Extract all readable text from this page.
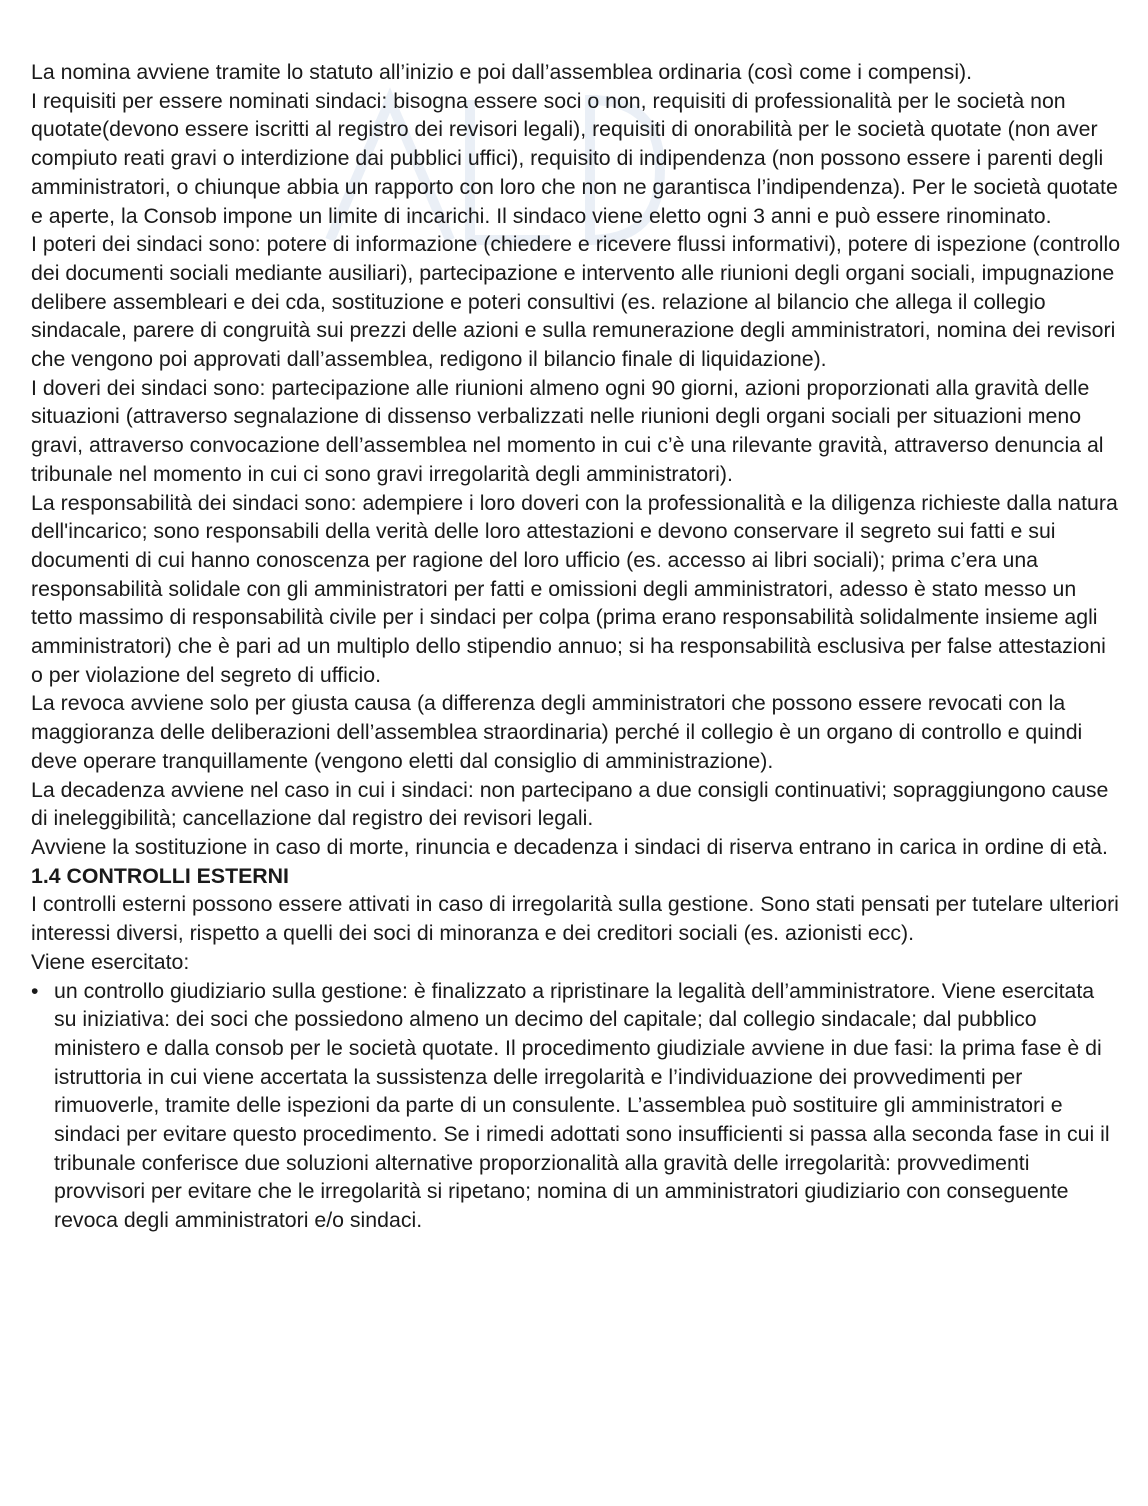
La nomina avviene tramite lo statuto all’inizio e poi dall’assemblea ordinaria (così come i compensi).

I requisiti per essere nominati sindaci: bisogna essere soci o non, requisiti di professionalità per le società non quotate(devono essere iscritti al registro dei revisori legali), requisiti di onorabilità per le società quotate (non aver compiuto reati gravi o interdizione dai pubblici uffici), requisito di indipendenza (non possono essere i parenti degli amministratori, o chiunque abbia un rapporto con loro che non ne garantisca l’indipendenza). Per le società quotate e aperte, la Consob impone un limite di incarichi. Il sindaco viene eletto ogni 3 anni e può essere rinominato.

I poteri dei sindaci sono: potere di informazione (chiedere e ricevere flussi informativi), potere di ispezione (controllo dei documenti sociali mediante ausiliari), partecipazione e intervento alle riunioni degli organi sociali, impugnazione delibere assembleari e dei cda, sostituzione e poteri consultivi (es. relazione al bilancio che allega il collegio sindacale, parere di congruità sui prezzi delle azioni e sulla remunerazione degli amministratori, nomina dei revisori che vengono poi approvati dall’assemblea, redigono il bilancio finale di liquidazione).

I doveri dei sindaci sono: partecipazione alle riunioni almeno ogni 90 giorni, azioni proporzionati alla gravità delle situazioni (attraverso segnalazione di dissenso verbalizzati nelle riunioni degli organi sociali per situazioni meno gravi, attraverso convocazione dell’assemblea nel momento in cui c’è una rilevante gravità, attraverso denuncia al tribunale nel momento in cui ci sono gravi irregolarità degli amministratori).

La responsabilità dei sindaci sono: adempiere i loro doveri con la professionalità e la diligenza richieste dalla natura dell'incarico; sono responsabili della verità delle loro attestazioni e devono conservare il segreto sui fatti e sui documenti di cui hanno conoscenza per ragione del loro ufficio (es. accesso ai libri sociali); prima c’era una responsabilità solidale con gli amministratori per fatti e omissioni degli amministratori, adesso è stato messo un tetto massimo di responsabilità civile per i sindaci per colpa (prima erano responsabilità solidalmente insieme agli amministratori) che è pari ad un multiplo dello stipendio annuo; si ha responsabilità esclusiva per false attestazioni o per violazione del segreto di ufficio.

La revoca avviene solo per giusta causa (a differenza degli amministratori che possono essere revocati con la maggioranza delle deliberazioni dell’assemblea straordinaria) perché il collegio è un organo di controllo e quindi deve operare tranquillamente (vengono eletti dal consiglio di amministrazione).

La decadenza avviene nel caso in cui i sindaci: non partecipano a due consigli continuativi; sopraggiungono cause di ineleggibilità; cancellazione dal registro dei revisori legali.

Avviene la sostituzione in caso di morte, rinuncia e decadenza i sindaci di riserva entrano in carica in ordine di età.

1.4 CONTROLLI ESTERNI

I controlli esterni possono essere attivati in caso di irregolarità sulla gestione. Sono stati pensati per tutelare ulteriori interessi diversi, rispetto a quelli dei soci di minoranza e dei creditori sociali (es. azionisti ecc).

Viene esercitato:

• un controllo giudiziario sulla gestione: è finalizzato a ripristinare la legalità dell’amministratore. Viene esercitata su iniziativa: dei soci che possiedono almeno un decimo del capitale; dal collegio sindacale; dal pubblico ministero e dalla consob per le società quotate. Il procedimento giudiziale avviene in due fasi: la prima fase è di istruttoria in cui viene accertata la sussistenza delle irregolarità e l’individuazione dei provvedimenti per rimuoverle, tramite delle ispezioni da parte di un consulente. L’assemblea può sostituire gli amministratori e sindaci per evitare questo procedimento. Se i rimedi adottati sono insufficienti si passa alla seconda fase in cui il tribunale conferisce due soluzioni alternative proporzionalità alla gravità delle irregolarità: provvedimenti provvisori per evitare che le irregolarità si ripetano; nomina di un amministratori giudiziario con conseguente revoca degli amministratori e/o sindaci.
